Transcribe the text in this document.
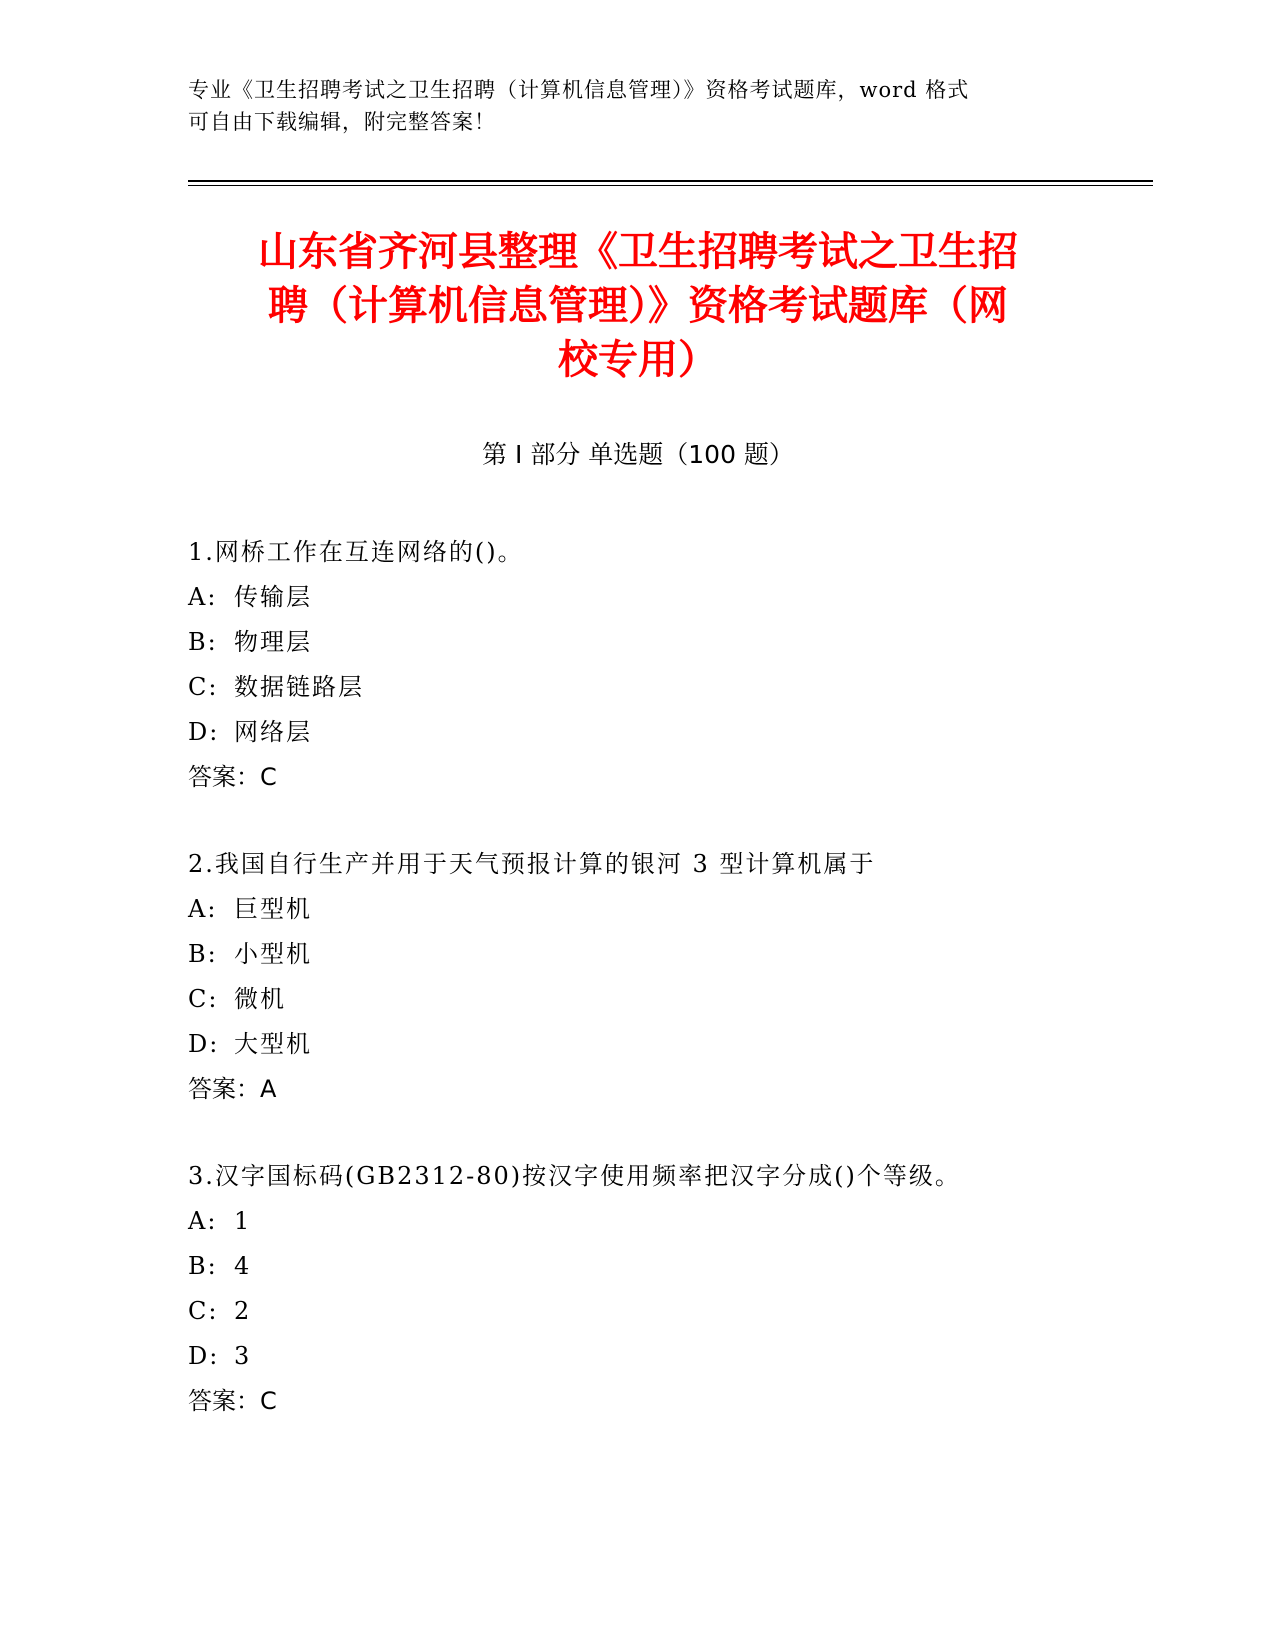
专业《卫生招聘考试之卫生招聘（计算机信息管理）》资格考试题库，word 格式
可自由下载编辑，附完整答案！
山东省齐河县整理《卫生招聘考试之卫生招
聘（计算机信息管理）》资格考试题库（网
校专用）
第 I 部分 单选题（100 题）
1.网桥工作在互连网络的()。
A: 传输层
B: 物理层
C: 数据链路层
D: 网络层
答案：C
2.我国自行生产并用于天气预报计算的银河 3 型计算机属于
A: 巨型机
B: 小型机
C: 微机
D: 大型机
答案：A
3.汉字国标码(GB2312-80)按汉字使用频率把汉字分成()个等级。
A: 1
B: 4
C: 2
D: 3
答案：C
